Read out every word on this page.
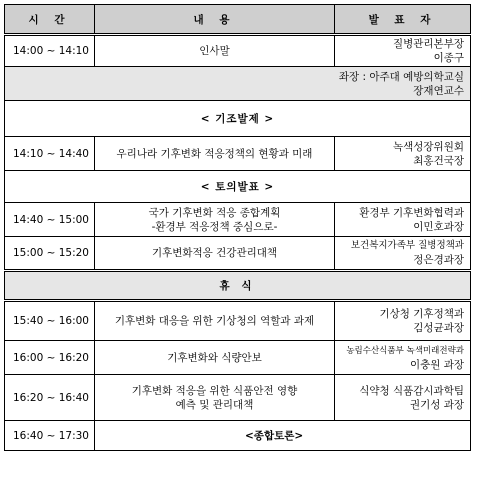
시 간	내 용	발 표 자
14:00 ~ 14:10	인사말	질병관리본부장
이종구

좌장 : 아주대 예방의학교실
장재연교수		

< 기조발제 >		
14:10 ~ 14:40	우리나라 기후변화 적응정책의 현황과 미래	녹색성장위원회
최홍건국장

< 토의발표 >		
14:40 ~ 15:00	국가 기후변화 적응 종합계획
-환경부 적응정책 중심으로-	환경부 기후변화협력과
이민호과장

15:00 ~ 15:20	기후변화적응 건강관리대책	보건복지가족부 질병정책과
정은경과장

휴 식		
15:40 ~ 16:00	기후변화 대응을 위한 기상청의 역할과 과제	기상청 기후정책과
김성균과장

16:00 ~ 16:20	기후변화와 식량안보	농림수산식품부 녹색미래전략과
이충원 과장

16:20 ~ 16:40	기후변화 적응을 위한 식품안전 영향
예측 및 관리대책	식약청 식품감시과학팀
권기성 과장

16:40 ~ 17:30	<종합토론>	
